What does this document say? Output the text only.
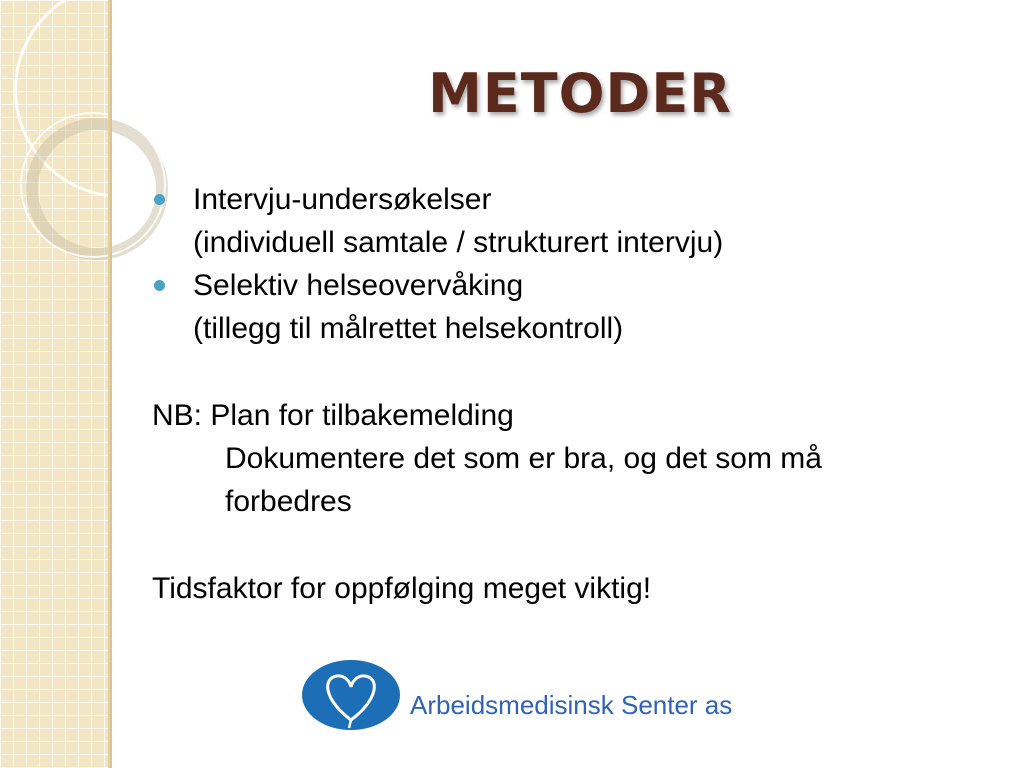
METODER
Intervju-undersøkelser
(individuell samtale / strukturert intervju)
Selektiv helseovervåking
(tillegg til målrettet helsekontroll)
NB: Plan for tilbakemelding
Dokumentere det som er bra, og det som må
forbedres
Tidsfaktor for oppfølging meget viktig!
Arbeidsmedisinsk Senter as
